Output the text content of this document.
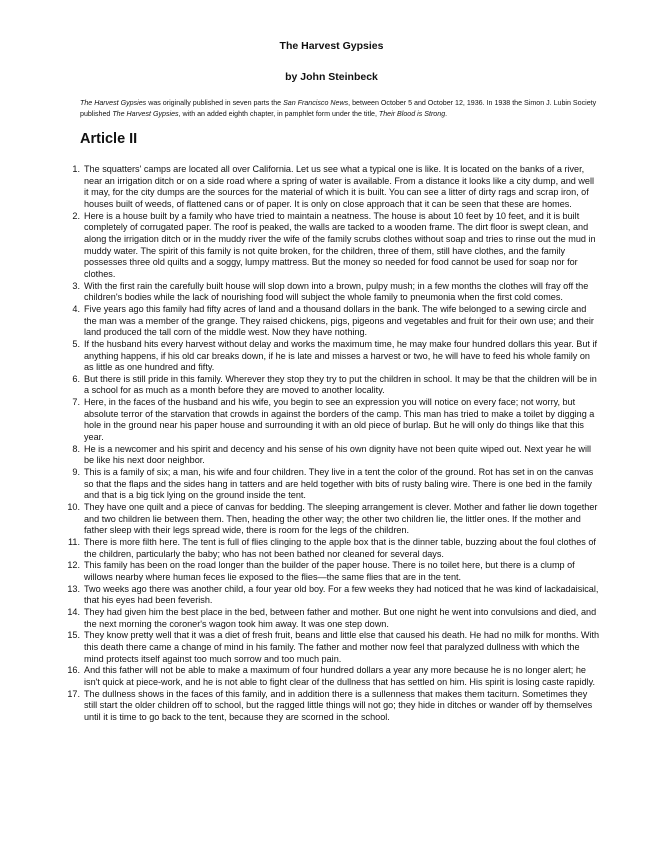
The Harvest Gypsies
by John Steinbeck
The Harvest Gypsies was originally published in seven parts the San Francisco News, between October 5 and October 12, 1936. In 1938 the Simon J. Lubin Society published The Harvest Gypsies, with an added eighth chapter, in pamphlet form under the title, Their Blood is Strong.
Article II
1. The squatters' camps are located all over California. Let us see what a typical one is like. It is located on the banks of a river, near an irrigation ditch or on a side road where a spring of water is available. From a distance it looks like a city dump, and well it may, for the city dumps are the sources for the material of which it is built. You can see a litter of dirty rags and scrap iron, of houses built of weeds, of flattened cans or of paper. It is only on close approach that it can be seen that these are homes.
2. Here is a house built by a family who have tried to maintain a neatness. The house is about 10 feet by 10 feet, and it is built completely of corrugated paper. The roof is peaked, the walls are tacked to a wooden frame. The dirt floor is swept clean, and along the irrigation ditch or in the muddy river the wife of the family scrubs clothes without soap and tries to rinse out the mud in muddy water. The spirit of this family is not quite broken, for the children, three of them, still have clothes, and the family possesses three old quilts and a soggy, lumpy mattress. But the money so needed for food cannot be used for soap nor for clothes.
3. With the first rain the carefully built house will slop down into a brown, pulpy mush; in a few months the clothes will fray off the children's bodies while the lack of nourishing food will subject the whole family to pneumonia when the first cold comes.
4. Five years ago this family had fifty acres of land and a thousand dollars in the bank. The wife belonged to a sewing circle and the man was a member of the grange. They raised chickens, pigs, pigeons and vegetables and fruit for their own use; and their land produced the tall corn of the middle west. Now they have nothing.
5. If the husband hits every harvest without delay and works the maximum time, he may make four hundred dollars this year. But if anything happens, if his old car breaks down, if he is late and misses a harvest or two, he will have to feed his whole family on as little as one hundred and fifty.
6. But there is still pride in this family. Wherever they stop they try to put the children in school. It may be that the children will be in a school for as much as a month before they are moved to another locality.
7. Here, in the faces of the husband and his wife, you begin to see an expression you will notice on every face; not worry, but absolute terror of the starvation that crowds in against the borders of the camp. This man has tried to make a toilet by digging a hole in the ground near his paper house and surrounding it with an old piece of burlap. But he will only do things like that this year.
8. He is a newcomer and his spirit and decency and his sense of his own dignity have not been quite wiped out. Next year he will be like his next door neighbor.
9. This is a family of six; a man, his wife and four children. They live in a tent the color of the ground. Rot has set in on the canvas so that the flaps and the sides hang in tatters and are held together with bits of rusty baling wire. There is one bed in the family and that is a big tick lying on the ground inside the tent.
10. They have one quilt and a piece of canvas for bedding. The sleeping arrangement is clever. Mother and father lie down together and two children lie between them. Then, heading the other way; the other two children lie, the littler ones. If the mother and father sleep with their legs spread wide, there is room for the legs of the children.
11. There is more filth here. The tent is full of flies clinging to the apple box that is the dinner table, buzzing about the foul clothes of the children, particularly the baby; who has not been bathed nor cleaned for several days.
12. This family has been on the road longer than the builder of the paper house. There is no toilet here, but there is a clump of willows nearby where human feces lie exposed to the flies—the same flies that are in the tent.
13. Two weeks ago there was another child, a four year old boy. For a few weeks they had noticed that he was kind of lackadaisical, that his eyes had been feverish.
14. They had given him the best place in the bed, between father and mother. But one night he went into convulsions and died, and the next morning the coroner's wagon took him away. It was one step down.
15. They know pretty well that it was a diet of fresh fruit, beans and little else that caused his death. He had no milk for months. With this death there came a change of mind in his family. The father and mother now feel that paralyzed dullness with which the mind protects itself against too much sorrow and too much pain.
16. And this father will not be able to make a maximum of four hundred dollars a year any more because he is no longer alert; he isn't quick at piece-work, and he is not able to fight clear of the dullness that has settled on him. His spirit is losing caste rapidly.
17. The dullness shows in the faces of this family, and in addition there is a sullenness that makes them taciturn. Sometimes they still start the older children off to school, but the ragged little things will not go; they hide in ditches or wander off by themselves until it is time to go back to the tent, because they are scorned in the school.
